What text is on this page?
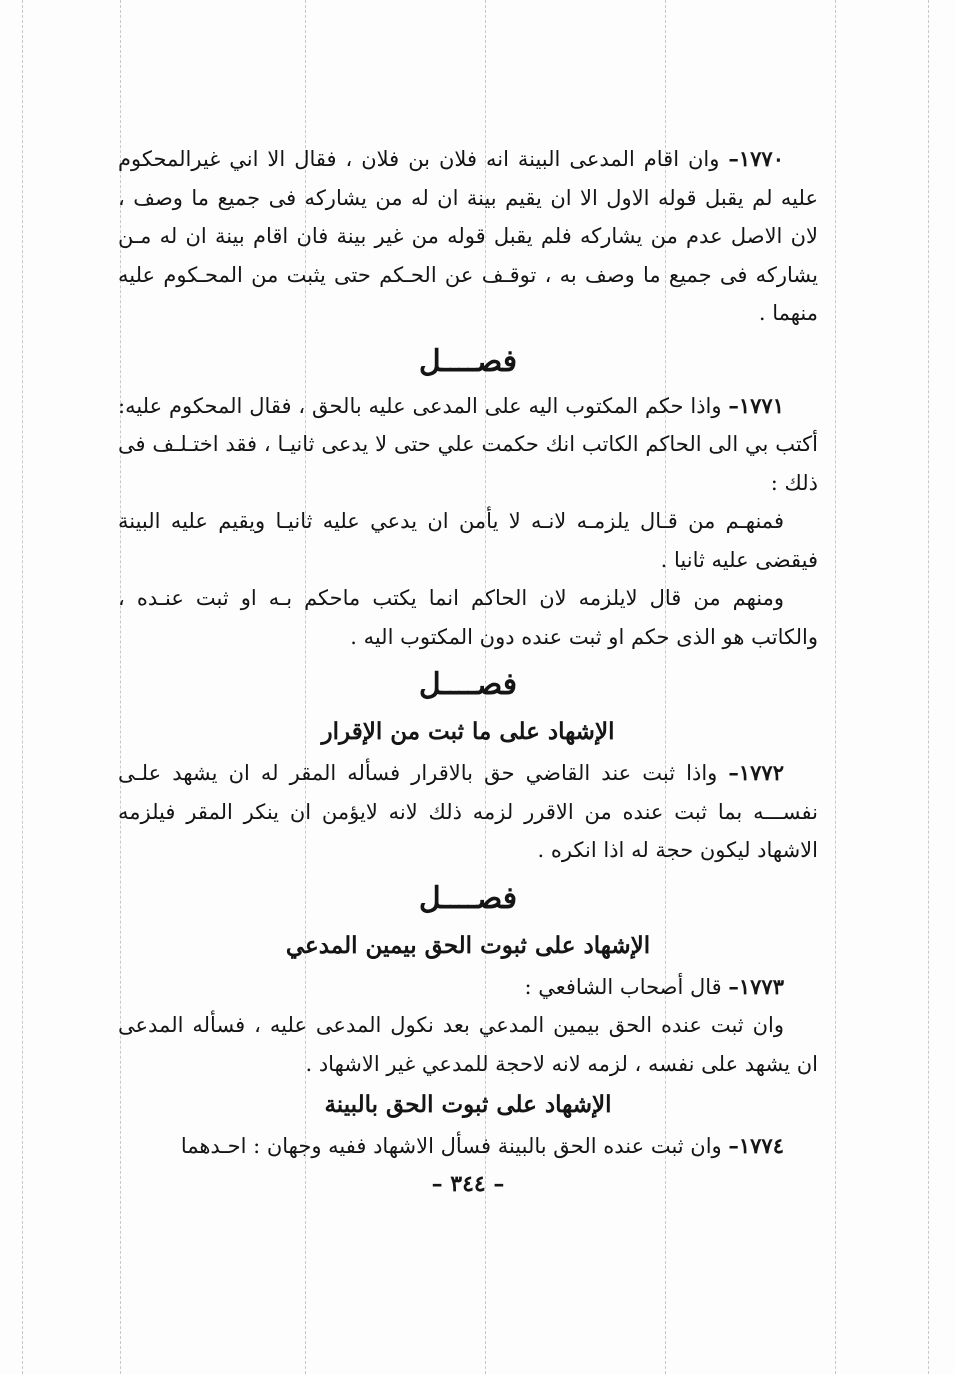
١٧٧٠– وان اقام المدعى البينة انه فلان بن فلان ، فقال الا اني غيرالمحكوم عليه لم يقبل قوله الاول الا ان يقيم بينة ان له من يشاركه فى جميع ما وصف ، لان الاصل عدم من يشاركه فلم يقبل قوله من غير بينة فان اقام بينة ان له مـن يشاركه فى جميع ما وصف به ، توقـف عن الحـكم حتى يثبت من المحـكوم عليه منهما .

فصــــل

١٧٧١– واذا حكم المكتوب اليه على المدعى عليه بالحق ، فقال المحكوم عليه: أكتب بي الى الحاكم الكاتب انك حكمت علي حتى لا يدعى ثانيـا ، فقد اختـلـف فى ذلك :

فمنهـم من قـال يلزمـه لانـه لا يأمن ان يدعي عليه ثانيـا ويقيم عليه البينة فيقضى عليه ثانيا .

ومنهم من قال لايلزمه لان الحاكم انما يكتب ماحكم بـه او ثبت عنـده ، والكاتب هو الذى حكم او ثبت عنده دون المكتوب اليه .

فصــــل
الإشهاد على ما ثبت من الإقرار

١٧٧٢– واذا ثبت عند القاضي حق بالاقرار فسأله المقر له ان يشهد علـى نفســـه بما ثبت عنده من الاقرر لزمه ذلك لانه لايؤمن ان ينكر المقر فيلزمه الاشهاد ليكون حجة له اذا انكره .

فصــــل
الإشهاد على ثبوت الحق بيمين المدعي

١٧٧٣– قال أصحاب الشافعي :

وان ثبت عنده الحق بيمين المدعي بعد نكول المدعى عليه ، فسأله المدعى ان يشهد على نفسه ، لزمه لانه لاحجة للمدعي غير الاشهاد .

الإشهاد على ثبوت الحق بالبينة

١٧٧٤– وان ثبت عنده الحق بالبينة فسأل الاشهاد ففيه وجهان : احـدهما

– ٣٤٤ –
